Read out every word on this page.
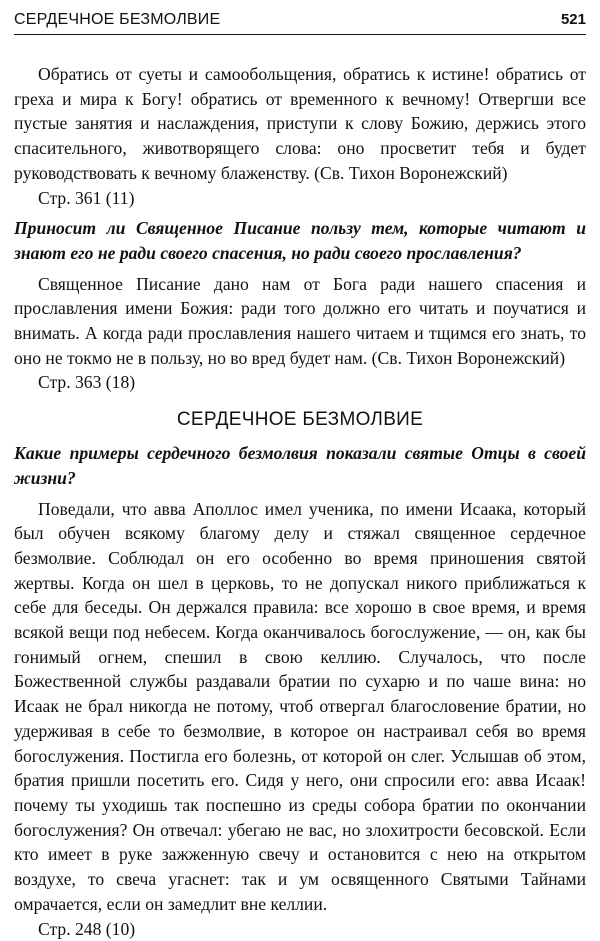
СЕРДЕЧНОЕ БЕЗМОЛВИЕ	521

Обратись от суеты и самообольщения, обратись к истине! обратись от греха и мира к Богу! обратись от временного к вечному! Отвергши все пустые занятия и наслаждения, приступи к слову Божию, держись этого спасительного, животворящего слова: оно просветит тебя и будет руководствовать к вечному блаженству. (Св. Тихон Воронежский)

Стр. 361 (11)

Приносит ли Священное Писание пользу тем, которые читают и знают его не ради своего спасения, но ради своего прославления?

Священное Писание дано нам от Бога ради нашего спасения и прославления имени Божия: ради того должно его читать и поучатися и внимать. А когда ради прославления нашего читаем и тщимся его знать, то оно не токмо не в пользу, но во вред будет нам. (Св. Тихон Воронежский)

Стр. 363 (18)

СЕРДЕЧНОЕ БЕЗМОЛВИЕ

Какие примеры сердечного безмолвия показали святые Отцы в своей жизни?

Поведали, что авва Аполлос имел ученика, по имени Исаака, который был обучен всякому благому делу и стяжал священное сердечное безмолвие. Соблюдал он его особенно во время приношения святой жертвы. Когда он шел в церковь, то не допускал никого приближаться к себе для беседы. Он держался правила: все хорошо в свое время, и время всякой вещи под небесем. Когда оканчивалось богослужение, — он, как бы гонимый огнем, спешил в свою келлию. Случалось, что после Божественной службы раздавали братии по сухарю и по чаше вина: но Исаак не брал никогда не потому, чтоб отвергал благословение братии, но удерживая в себе то безмолвие, в которое он настраивал себя во время богослужения. Постигла его болезнь, от которой он слег. Услышав об этом, братия пришли посетить его. Сидя у него, они спросили его: авва Исаак! почему ты уходишь так поспешно из среды собора братии по окончании богослужения? Он отвечал: убегаю не вас, но злохитрости бесовской. Если кто имеет в руке зажженную свечу и остановится с нею на открытом воздухе, то свеча угаснет: так и ум освященного Святыми Тайнами омрачается, если он замедлит вне келлии.

Стр. 248 (10)
